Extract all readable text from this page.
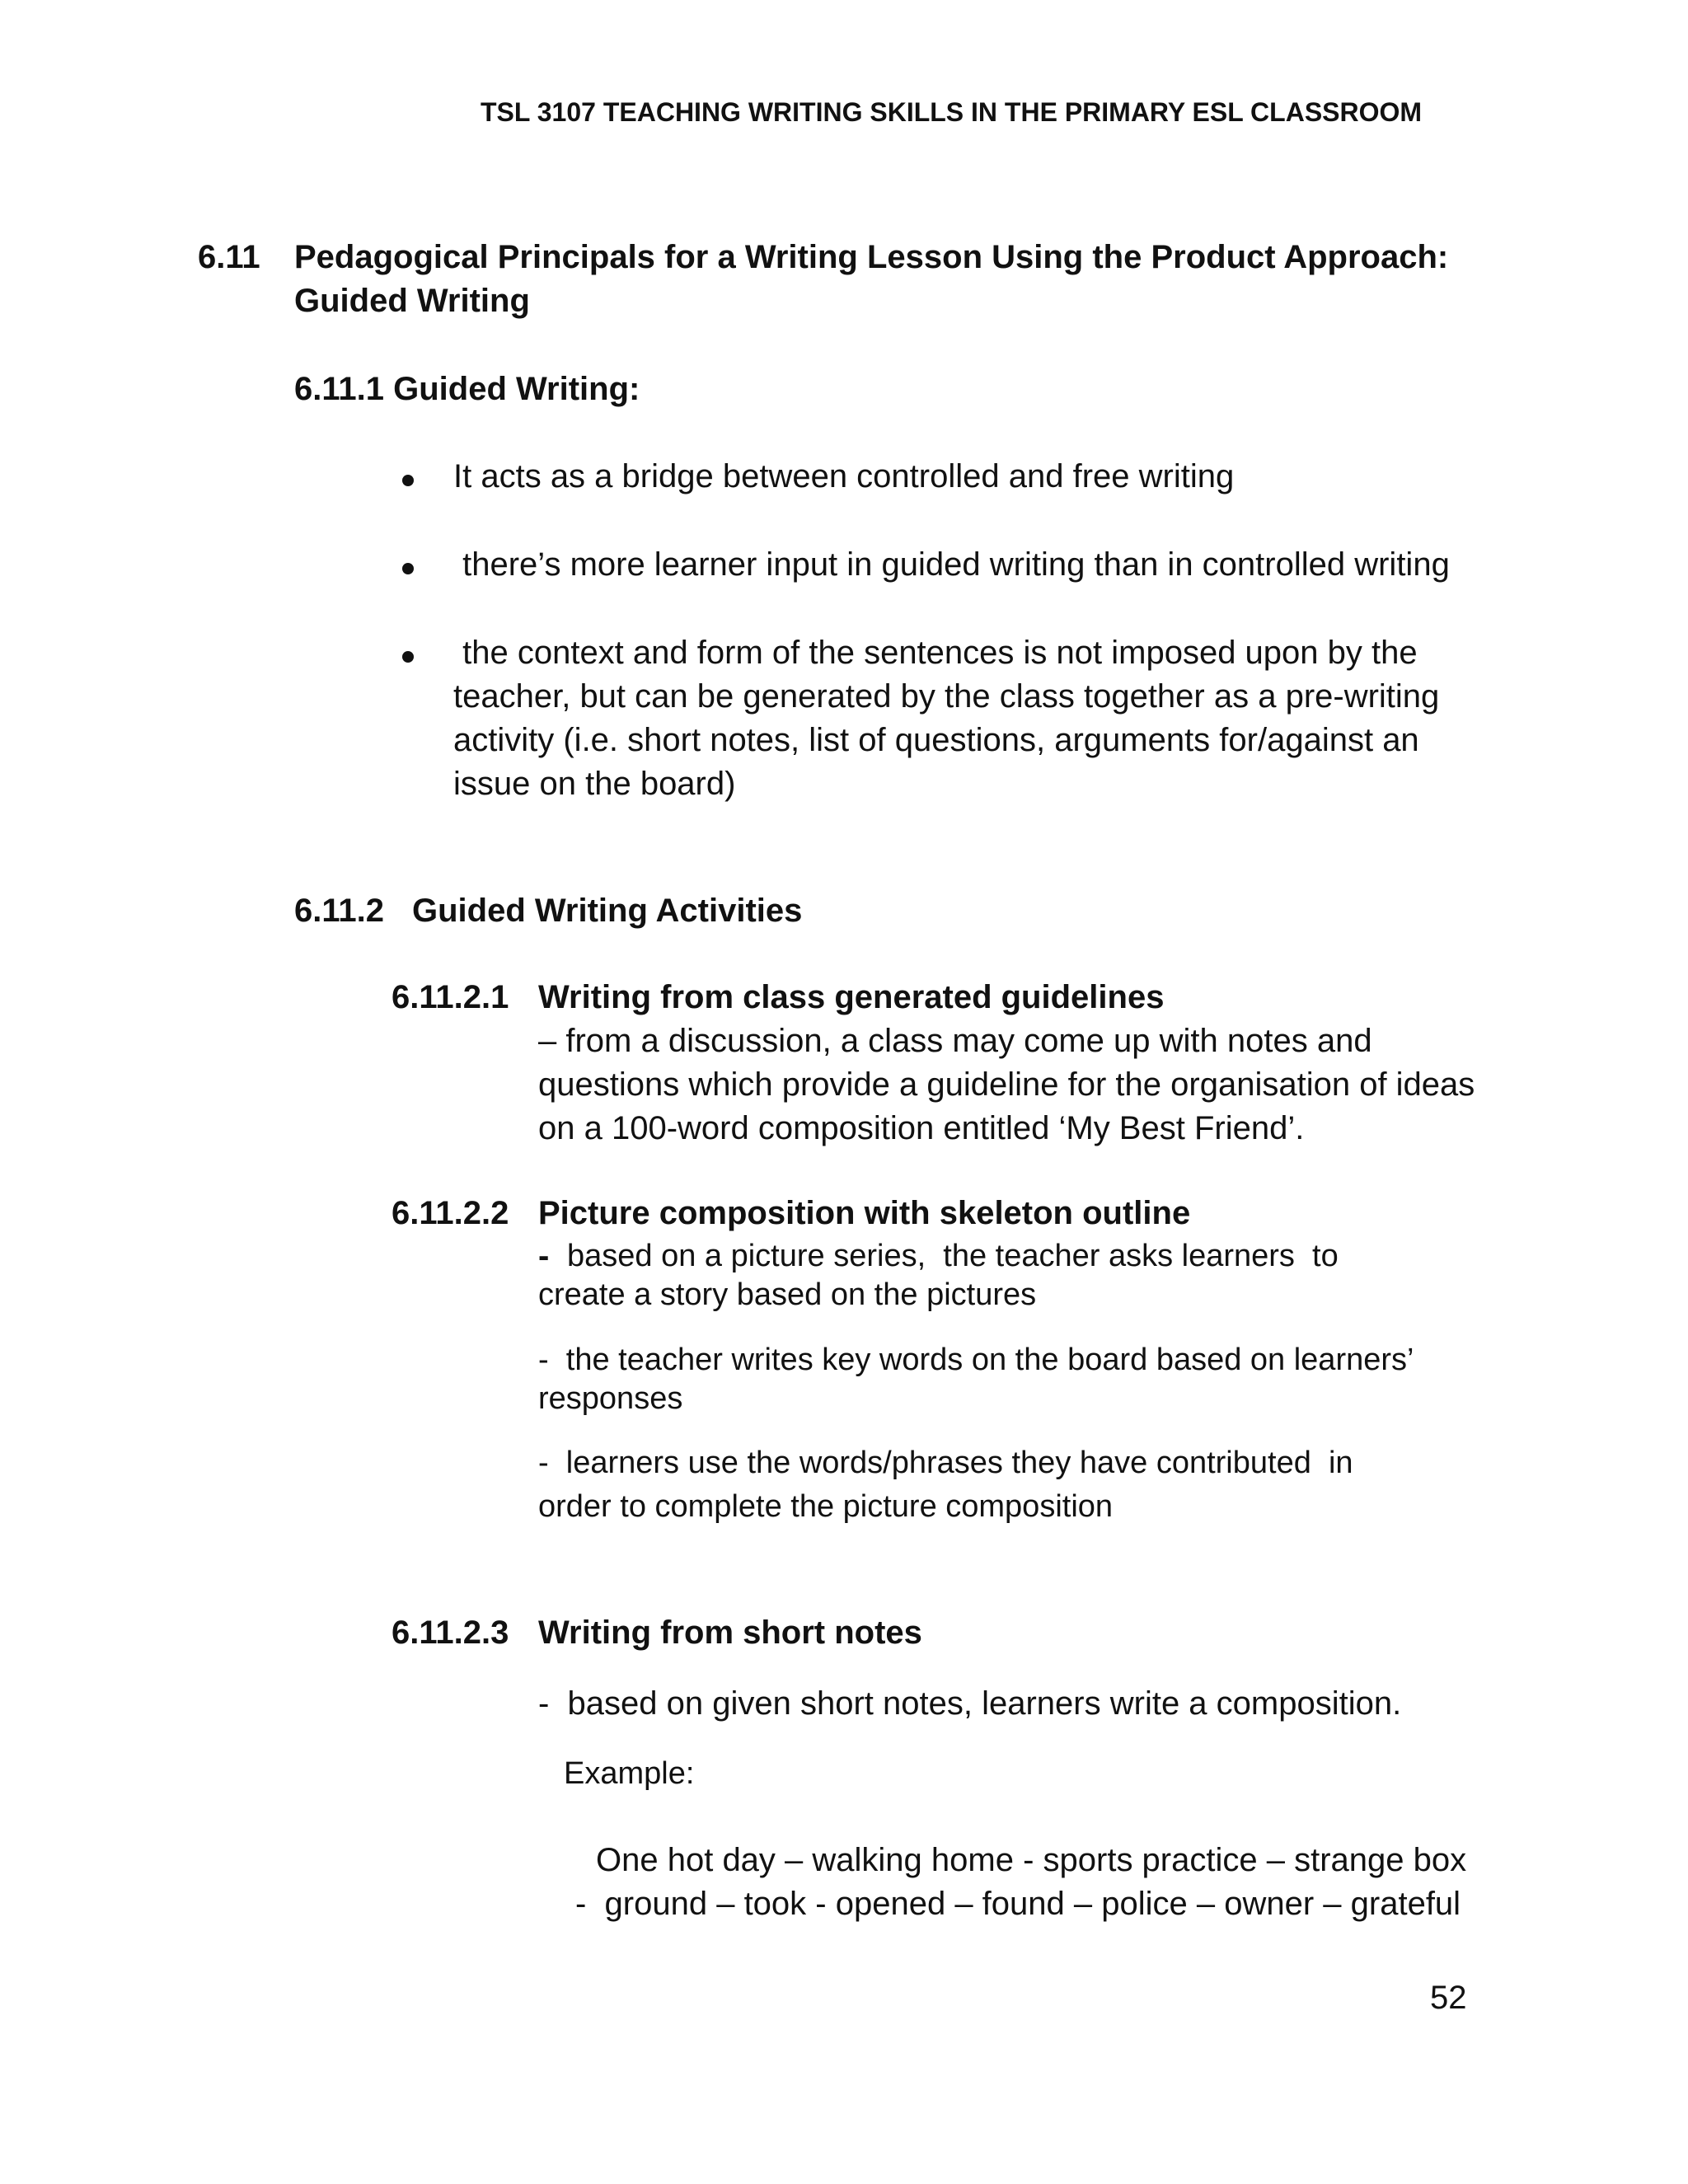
TSL 3107 TEACHING WRITING SKILLS IN THE PRIMARY ESL CLASSROOM
6.11 Pedagogical Principals for a Writing Lesson Using the Product Approach:
Guided Writing
6.11.1 Guided Writing:
It acts as a bridge between controlled and free writing
there’s more learner input in guided writing than in controlled writing
the context and form of the sentences is not imposed upon by the
teacher, but can be generated by the class together as a pre-writing
activity (i.e. short notes, list of questions, arguments for/against an
issue on the board)
6.11.2 Guided Writing Activities
6.11.2.1 Writing from class generated guidelines
– from a discussion, a class may come up with notes and
questions which provide a guideline for the organisation of ideas
on a 100-word composition entitled ‘My Best Friend’.
6.11.2.2 Picture composition with skeleton outline
- based on a picture series,  the teacher asks learners  to
create a story based on the pictures
-  the teacher writes key words on the board based on learners’
responses
-  learners use the words/phrases they have contributed  in
order to complete the picture composition
6.11.2.3 Writing from short notes
-  based on given short notes, learners write a composition.
Example:
One hot day – walking home - sports practice – strange box
-  ground – took - opened – found – police – owner – grateful
52
